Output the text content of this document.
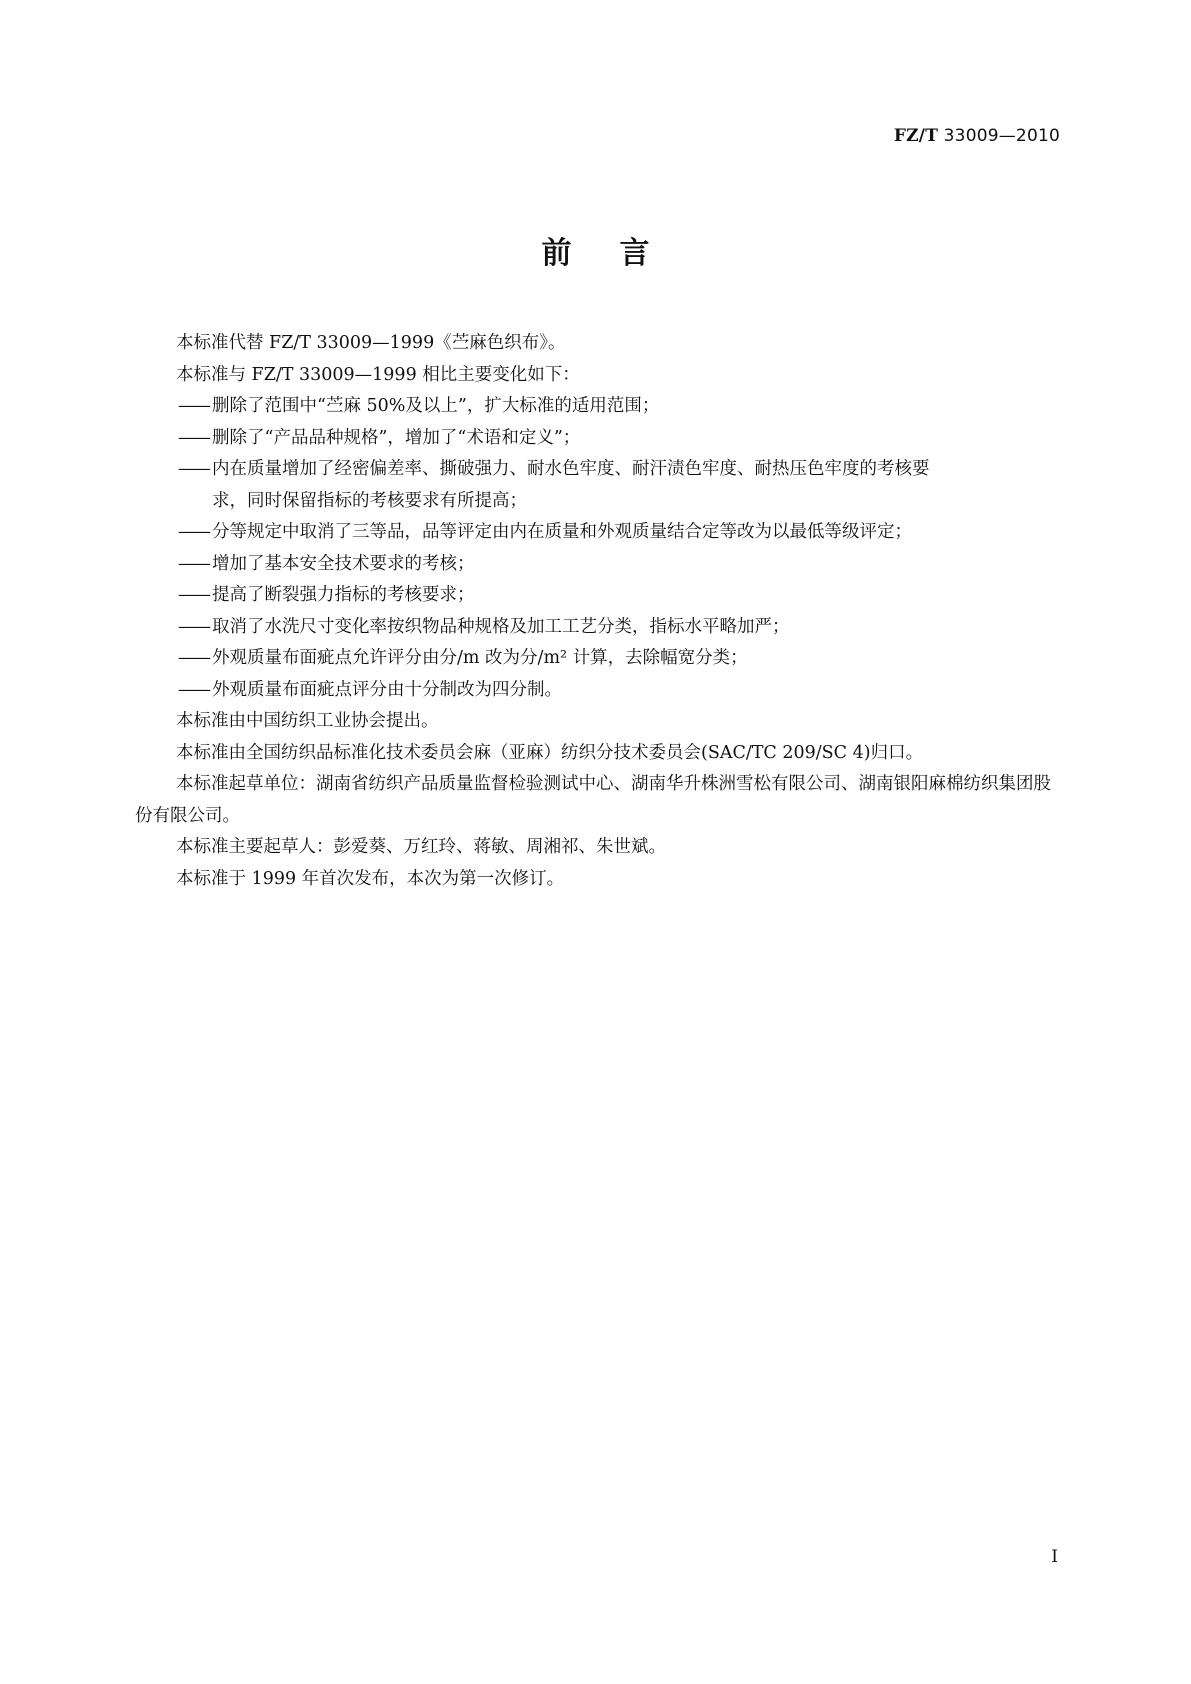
FZ/T 33009—2010
前言

本标准代替 FZ/T 33009—1999《苎麻色织布》。

本标准与 FZ/T 33009—1999 相比主要变化如下：

—— 删除了范围中“苎麻 50%及以上”，扩大标准的适用范围；
—— 删除了“产品品种规格”，增加了“术语和定义”；
—— 内在质量增加了经密偏差率、撕破强力、耐水色牢度、耐汗渍色牢度、耐热压色牢度的考核要
求，同时保留指标的考核要求有所提高；
—— 分等规定中取消了三等品，品等评定由内在质量和外观质量结合定等改为以最低等级评定；
—— 增加了基本安全技术要求的考核；
—— 提高了断裂强力指标的考核要求；
—— 取消了水洗尺寸变化率按织物品种规格及加工工艺分类，指标水平略加严；
—— 外观质量布面疵点允许评分由分/m 改为分/m² 计算，去除幅宽分类；
—— 外观质量布面疵点评分由十分制改为四分制。

本标准由中国纺织工业协会提出。

本标准由全国纺织品标准化技术委员会麻（亚麻）纺织分技术委员会(SAC/TC 209/SC 4)归口。

本标准起草单位：湖南省纺织产品质量监督检验测试中心、湖南华升株洲雪松有限公司、湖南银阳麻棉纺织集团股份有限公司。

本标准主要起草人：彭爱葵、万红玲、蒋敏、周湘祁、朱世斌。

本标准于 1999 年首次发布，本次为第一次修订。

I
